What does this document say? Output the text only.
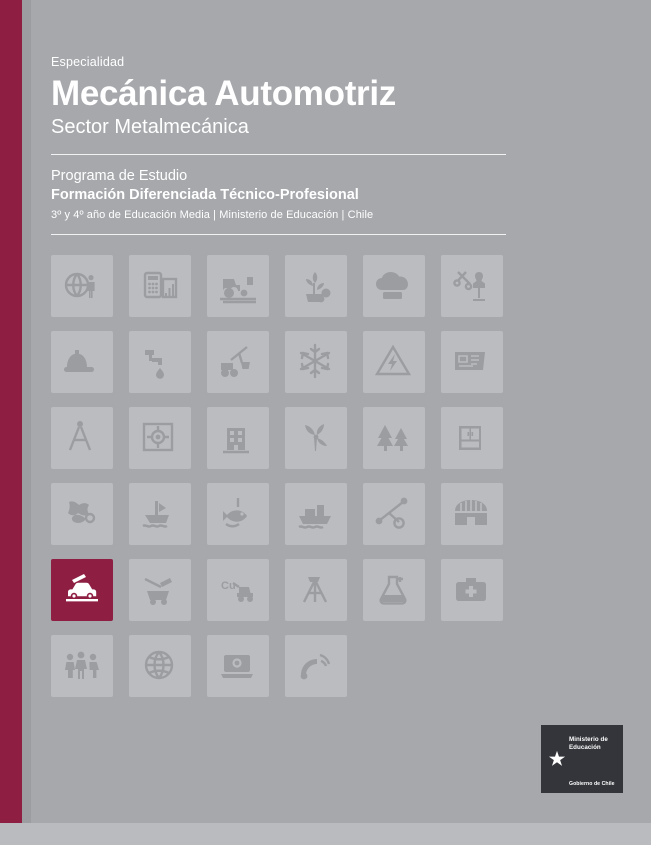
Especialidad
Mecánica Automotriz
Sector Metalmecánica
Programa de Estudio
Formación Diferenciada Técnico-Profesional
3º y 4º año de Educación Media | Ministerio de Educación | Chile
Cu
Ministerio de
Educación
Gobierno de Chile
